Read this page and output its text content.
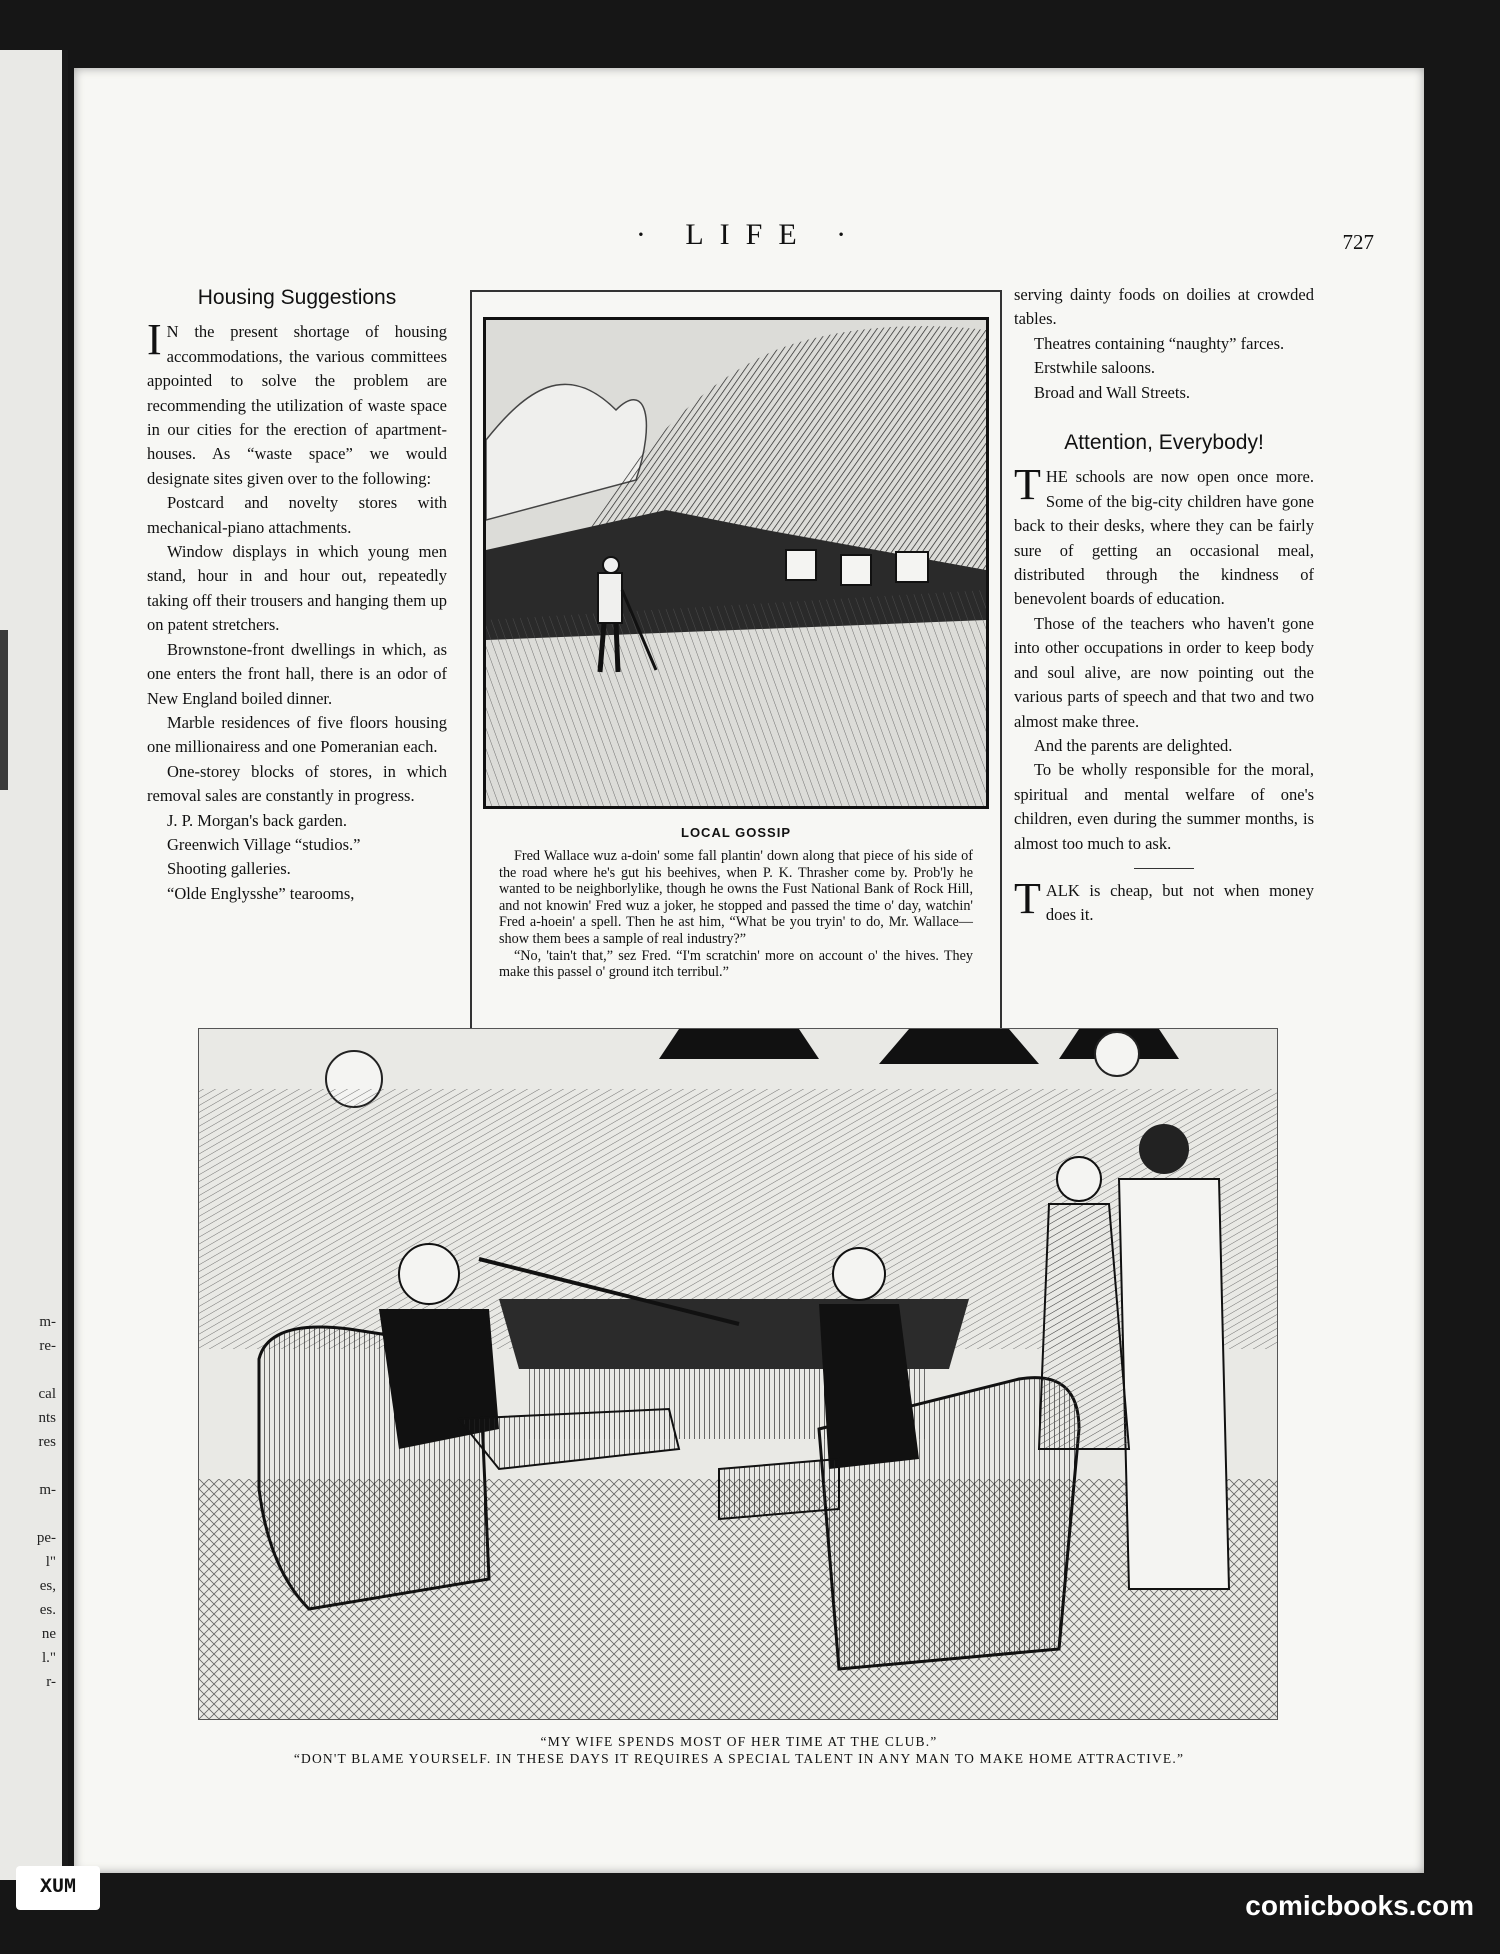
m-
re-
cal
nts
res
m-
pe-
l"
es,
es.
ne
l."
r-
· LIFE ·	727
Housing Suggestions

I N the present shortage of housing accommodations, the various committees appointed to solve the problem are recommending the utilization of waste space in our cities for the erection of apartment-houses. As “waste space” we would designate sites given over to the following:

Postcard and novelty stores with mechanical-piano attachments.

Window displays in which young men stand, hour in and hour out, repeatedly taking off their trousers and hanging them up on patent stretchers.

Brownstone-front dwellings in which, as one enters the front hall, there is an odor of New England boiled dinner.

Marble residences of five floors housing one millionairess and one Pomeranian each.

One-storey blocks of stores, in which removal sales are constantly in progress.

J. P. Morgan's back garden.

Greenwich Village “studios.”

Shooting galleries.

“Olde Englysshe” tearooms,

LOCAL GOSSIP

Fred Wallace wuz a-doin' some fall plantin' down along that piece of his side of the road where he's gut his beehives, when P. K. Thrasher come by. Prob'ly he wanted to be neighborlylike, though he owns the Fust National Bank of Rock Hill, and not knowin' Fred wuz a joker, he stopped and passed the time o' day, watchin' Fred a-hoein' a spell. Then he ast him, “What be you tryin' to do, Mr. Wallace—show them bees a sample of real industry?”

“No, 'tain't that,” sez Fred. “I'm scratchin' more on account o' the hives. They make this passel o' ground itch terribul.”

serving dainty foods on doilies at crowded tables.

Theatres containing “naughty” farces.

Erstwhile saloons.

Broad and Wall Streets.

Attention, Everybody!

THE schools are now open once more. Some of the big-city children have gone back to their desks, where they can be fairly sure of getting an occasional meal, distributed through the kindness of benevolent boards of education.

Those of the teachers who haven't gone into other occupations in order to keep body and soul alive, are now pointing out the various parts of speech and that two and two almost make three.

And the parents are delighted.

To be wholly responsible for the moral, spiritual and mental welfare of one's children, even during the summer months, is almost too much to ask.

TALK is cheap, but not when money does it.

“MY WIFE SPENDS MOST OF HER TIME AT THE CLUB.”
“DON'T BLAME YOURSELF. IN THESE DAYS IT REQUIRES A SPECIAL TALENT IN ANY MAN TO MAKE HOME ATTRACTIVE.”
XUM
comicbooks.com
